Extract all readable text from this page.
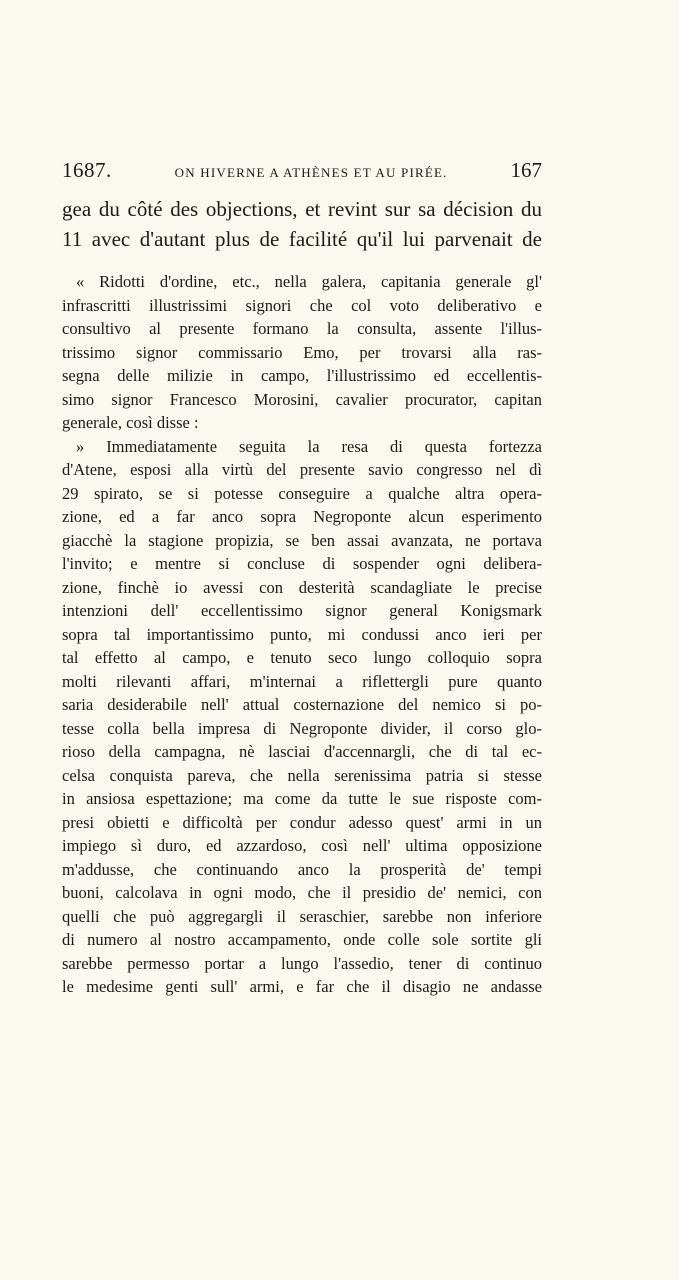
1687.	ON HIVERNE A ATHÈNES ET AU PIRÉE.	167
gea du côté des objections, et revint sur sa décision du
11 avec d'autant plus de facilité qu'il lui parvenait de
« Ridotti d'ordine, etc., nella galera, capitania generale gl'
infrascritti illustrissimi signori che col voto deliberativo e
consultivo al presente formano la consulta, assente l'illus-
trissimo signor commissario Emo, per trovarsi alla ras-
segna delle milizie in campo, l'illustrissimo ed eccellentis-
simo signor Francesco Morosini, cavalier procurator, capitan
generale, così disse :
» Immediatamente seguita la resa di questa fortezza
d'Atene, esposi alla virtù del presente savio congresso nel dì
29 spirato, se si potesse conseguire a qualche altra opera-
zione, ed a far anco sopra Negroponte alcun esperimento
giacchè la stagione propizia, se ben assai avanzata, ne portava
l'invito; e mentre si concluse di sospender ogni delibera-
zione, finchè io avessi con desterità scandagliate le precise
intenzioni dell' eccellentissimo signor general Konigsmark
sopra tal importantissimo punto, mi condussi anco ieri per
tal effetto al campo, e tenuto seco lungo colloquio sopra
molti rilevanti affari, m'internai a riflettergli pure quanto
saria desiderabile nell' attual costernazione del nemico si po-
tesse colla bella impresa di Negroponte divider, il corso glo-
rioso della campagna, nè lasciai d'accennargli, che di tal ec-
celsa conquista pareva, che nella serenissima patria si stesse
in ansiosa espettazione; ma come da tutte le sue risposte com-
presi obietti e difficoltà per condur adesso quest' armi in un
impiego sì duro, ed azzardoso, così nell' ultima opposizione
m'addusse, che continuando anco la prosperità de' tempi
buoni, calcolava in ogni modo, che il presidio de' nemici, con
quelli che può aggregargli il seraschier, sarebbe non inferiore
di numero al nostro accampamento, onde colle sole sortite gli
sarebbe permesso portar a lungo l'assedio, tener di continuo
le medesime genti sull' armi, e far che il disagio ne andasse
